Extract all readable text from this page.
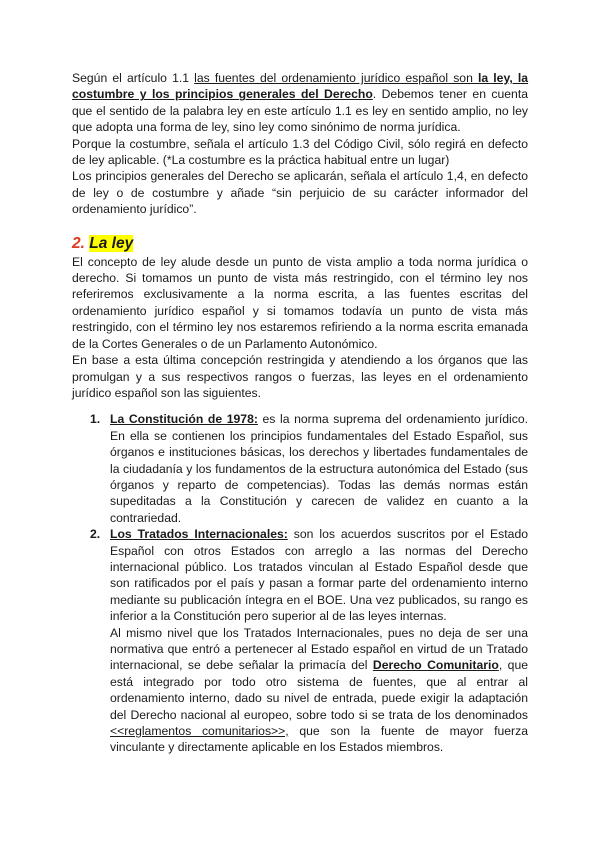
Según el artículo 1.1 las fuentes del ordenamiento jurídico español son la ley, la costumbre y los principios generales del Derecho. Debemos tener en cuenta que el sentido de la palabra ley en este artículo 1.1 es ley en sentido amplio, no ley que adopta una forma de ley, sino ley como sinónimo de norma jurídica.

Porque la costumbre, señala el artículo 1.3 del Código Civil, sólo regirá en defecto de ley aplicable. (*La costumbre es la práctica habitual entre un lugar)

Los principios generales del Derecho se aplicarán, señala el artículo 1,4, en defecto de ley o de costumbre y añade “sin perjuicio de su carácter informador del ordenamiento jurídico”.

2. La ley

El concepto de ley alude desde un punto de vista amplio a toda norma jurídica o derecho. Si tomamos un punto de vista más restringido, con el término ley nos referiremos exclusivamente a la norma escrita, a las fuentes escritas del ordenamiento jurídico español y si tomamos todavía un punto de vista más restringido, con el término ley nos estaremos refiriendo a la norma escrita emanada de la Cortes Generales o de un Parlamento Autonómico.

En base a esta última concepción restringida y atendiendo a los órganos que las promulgan y a sus respectivos rangos o fuerzas, las leyes en el ordenamiento jurídico español son las siguientes.

1. La Constitución de 1978: es la norma suprema del ordenamiento jurídico. En ella se contienen los principios fundamentales del Estado Español, sus órganos e instituciones básicas, los derechos y libertades fundamentales de la ciudadanía y los fundamentos de la estructura autonómica del Estado (sus órganos y reparto de competencias). Todas las demás normas están supeditadas a la Constitución y carecen de validez en cuanto a la contrariedad.

2. Los Tratados Internacionales: son los acuerdos suscritos por el Estado Español con otros Estados con arreglo a las normas del Derecho internacional público. Los tratados vinculan al Estado Español desde que son ratificados por el país y pasan a formar parte del ordenamiento interno mediante su publicación íntegra en el BOE. Una vez publicados, su rango es inferior a la Constitución pero superior al de las leyes internas.

Al mismo nivel que los Tratados Internacionales, pues no deja de ser una normativa que entró a pertenecer al Estado español en virtud de un Tratado internacional, se debe señalar la primacía del Derecho Comunitario, que está integrado por todo otro sistema de fuentes, que al entrar al ordenamiento interno, dado su nivel de entrada, puede exigir la adaptación del Derecho nacional al europeo, sobre todo si se trata de los denominados <<reglamentos comunitarios>>, que son la fuente de mayor fuerza vinculante y directamente aplicable en los Estados miembros.
